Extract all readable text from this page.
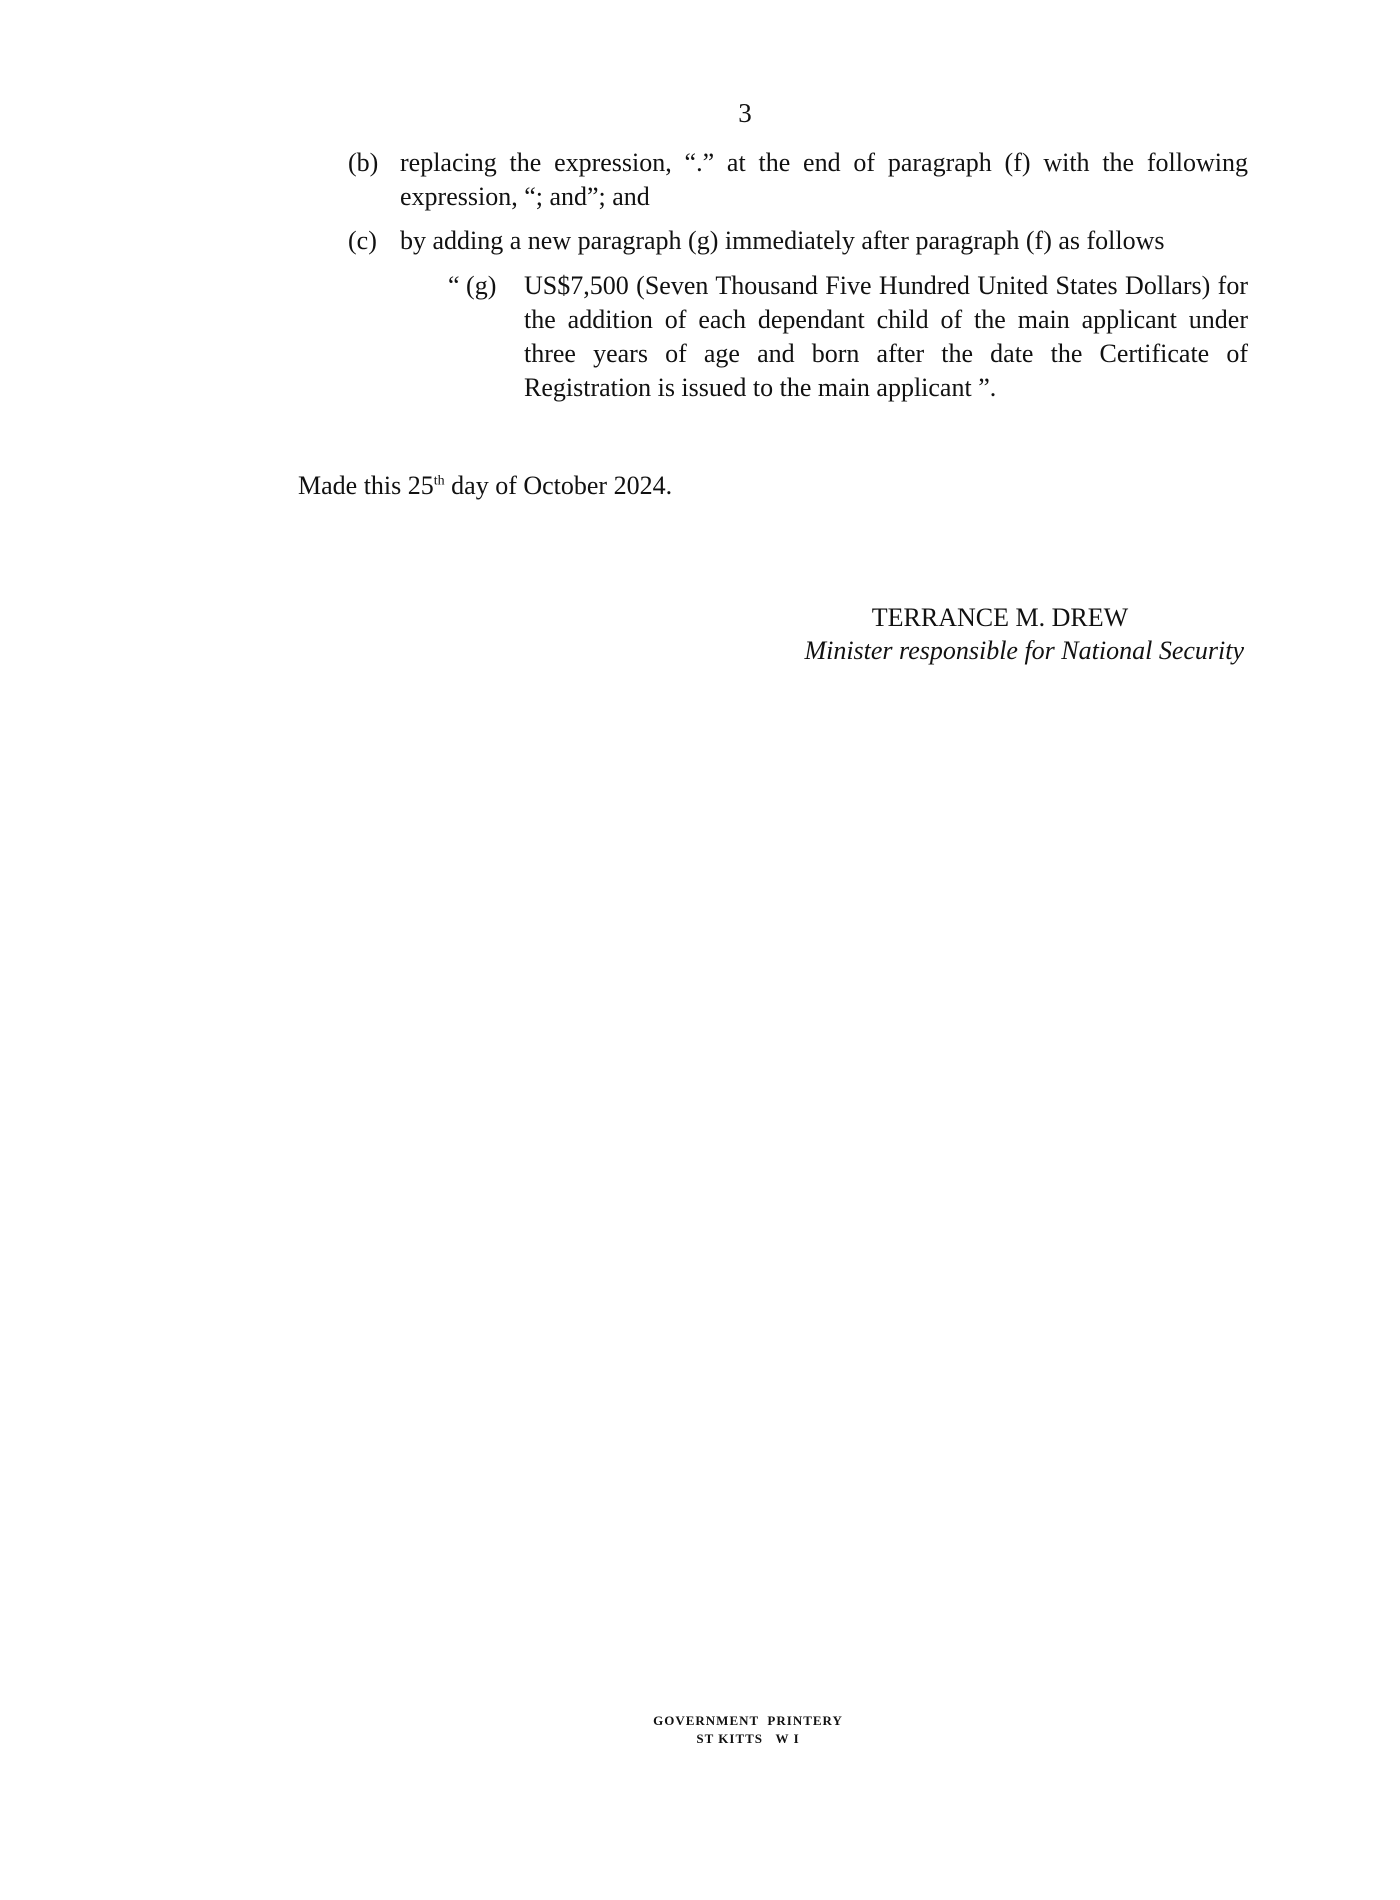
3
(b) replacing the expression, “.” at the end of paragraph (f) with the following expression, “; and”; and
(c) by adding a new paragraph (g) immediately after paragraph (f) as follows
“ (g) US$7,500 (Seven Thousand Five Hundred United States Dollars) for the addition of each dependant child of the main applicant under three years of age and born after the date the Certificate of Registration is issued to the main applicant ”.
Made this 25th day of October 2024.
TERRANCE M. DREW
Minister responsible for National Security
GOVERNMENT  PRINTERY
ST KITTS   W I
